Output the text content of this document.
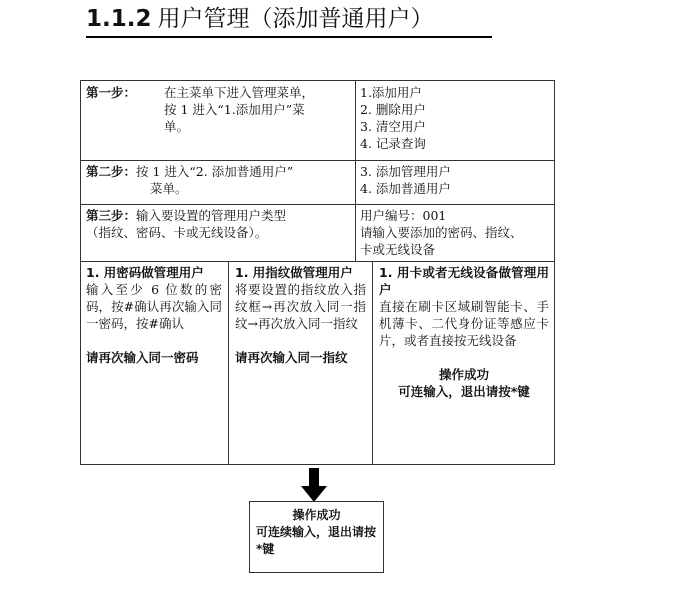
1.1.2 用户管理（添加普通用户）
第一步：	在主菜单下进入管理菜单，
按 1 进入“1.添加用户”菜
单。
1.添加用户
2. 删除用户
3. 清空用户
4. 记录查询
第二步：按 1 进入“2. 添加普通用户”
菜单。
3. 添加管理用户
4. 添加普通用户
第三步：输入要设置的管理用户类型
（指纹、密码、卡或无线设备）。
用户编号：001
请输入要添加的密码、指纹、
卡或无线设备
1. 用密码做管理用户
输入至少 6 位数的密码，按#确认再次输入同一密码，按#确认
请再次输入同一密码
1. 用指纹做管理用户
将要设置的指纹放入指纹框→再次放入同一指纹→再次放入同一指纹
请再次输入同一指纹
1. 用卡或者无线设备做管理用户
直接在刷卡区域刷智能卡、手机薄卡、二代身份证等感应卡片，或者直接按无线设备
操作成功
可连输入，退出请按*键
操作成功
可连续输入，退出请按*键
